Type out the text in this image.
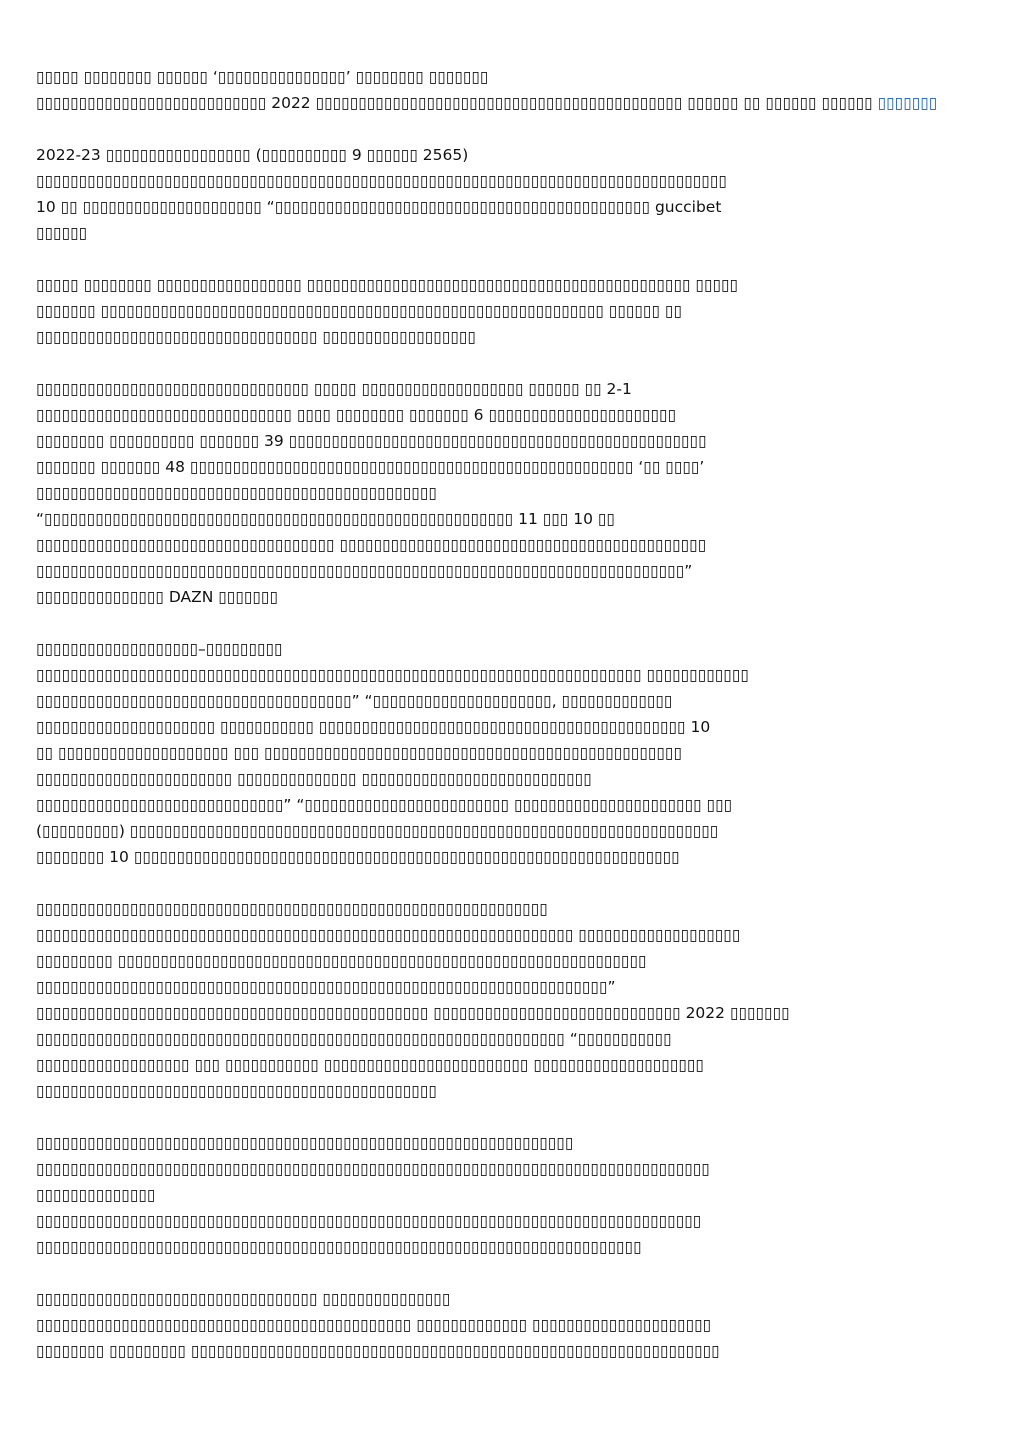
▯▯▯▯▯ ▯▯▯▯▯▯▯▯ ▯▯▯▯▯▯ ‘▯▯▯▯▯▯▯▯▯▯▯▯▯▯▯’ ▯▯▯▯▯▯▯▯ ▯▯▯▯▯▯▯
▯▯▯▯▯▯▯▯▯▯▯▯▯▯▯▯▯▯▯▯▯▯▯▯▯▯▯ 2022 ▯▯▯▯▯▯▯▯▯▯▯▯▯▯▯▯▯▯▯▯▯▯▯▯▯▯▯▯▯▯▯▯▯▯▯▯▯▯▯▯▯▯▯ ▯▯▯▯▯▯ ▯▯ ▯▯▯▯▯▯ ▯▯▯▯▯▯ ▯▯▯▯▯▯▯
2022-23 ▯▯▯▯▯▯▯▯▯▯▯▯▯▯▯▯▯ (▯▯▯▯▯▯▯▯▯▯ 9 ▯▯▯▯▯▯ 2565)
▯▯▯▯▯▯▯▯▯▯▯▯▯▯▯▯▯▯▯▯▯▯▯▯▯▯▯▯▯▯▯▯▯▯▯▯▯▯▯▯▯▯▯▯▯▯▯▯▯▯▯▯▯▯▯▯▯▯▯▯▯▯▯▯▯▯▯▯▯▯▯▯▯▯▯▯▯▯▯▯▯
10 ▯▯ ▯▯▯▯▯▯▯▯▯▯▯▯▯▯▯▯▯▯▯▯▯ “▯▯▯▯▯▯▯▯▯▯▯▯▯▯▯▯▯▯▯▯▯▯▯▯▯▯▯▯▯▯▯▯▯▯▯▯▯▯▯▯▯▯▯▯ guccibet
▯▯▯▯▯▯
▯▯▯▯▯ ▯▯▯▯▯▯▯▯ ▯▯▯▯▯▯▯▯▯▯▯▯▯▯▯▯▯ ▯▯▯▯▯▯▯▯▯▯▯▯▯▯▯▯▯▯▯▯▯▯▯▯▯▯▯▯▯▯▯▯▯▯▯▯▯▯▯▯▯▯▯▯▯ ▯▯▯▯▯
▯▯▯▯▯▯▯ ▯▯▯▯▯▯▯▯▯▯▯▯▯▯▯▯▯▯▯▯▯▯▯▯▯▯▯▯▯▯▯▯▯▯▯▯▯▯▯▯▯▯▯▯▯▯▯▯▯▯▯▯▯▯▯▯▯▯▯ ▯▯▯▯▯▯ ▯▯
▯▯▯▯▯▯▯▯▯▯▯▯▯▯▯▯▯▯▯▯▯▯▯▯▯▯▯▯▯▯▯▯▯ ▯▯▯▯▯▯▯▯▯▯▯▯▯▯▯▯▯▯
▯▯▯▯▯▯▯▯▯▯▯▯▯▯▯▯▯▯▯▯▯▯▯▯▯▯▯▯▯▯▯▯ ▯▯▯▯▯ ▯▯▯▯▯▯▯▯▯▯▯▯▯▯▯▯▯▯▯ ▯▯▯▯▯▯ ▯▯ 2-1
▯▯▯▯▯▯▯▯▯▯▯▯▯▯▯▯▯▯▯▯▯▯▯▯▯▯▯▯▯▯ ▯▯▯▯ ▯▯▯▯▯▯▯▯ ▯▯▯▯▯▯▯ 6 ▯▯▯▯▯▯▯▯▯▯▯▯▯▯▯▯▯▯▯▯▯▯
▯▯▯▯▯▯▯▯ ▯▯▯▯▯▯▯▯▯▯ ▯▯▯▯▯▯▯ 39 ▯▯▯▯▯▯▯▯▯▯▯▯▯▯▯▯▯▯▯▯▯▯▯▯▯▯▯▯▯▯▯▯▯▯▯▯▯▯▯▯▯▯▯▯▯▯▯▯▯
▯▯▯▯▯▯▯ ▯▯▯▯▯▯▯ 48 ▯▯▯▯▯▯▯▯▯▯▯▯▯▯▯▯▯▯▯▯▯▯▯▯▯▯▯▯▯▯▯▯▯▯▯▯▯▯▯▯▯▯▯▯▯▯▯▯▯▯▯▯ ‘▯▯ ▯▯▯▯’
▯▯▯▯▯▯▯▯▯▯▯▯▯▯▯▯▯▯▯▯▯▯▯▯▯▯▯▯▯▯▯▯▯▯▯▯▯▯▯▯▯▯▯▯▯▯▯
“▯▯▯▯▯▯▯▯▯▯▯▯▯▯▯▯▯▯▯▯▯▯▯▯▯▯▯▯▯▯▯▯▯▯▯▯▯▯▯▯▯▯▯▯▯▯▯▯▯▯▯▯▯▯▯ 11 ▯▯▯ 10 ▯▯
▯▯▯▯▯▯▯▯▯▯▯▯▯▯▯▯▯▯▯▯▯▯▯▯▯▯▯▯▯▯▯▯▯▯▯ ▯▯▯▯▯▯▯▯▯▯▯▯▯▯▯▯▯▯▯▯▯▯▯▯▯▯▯▯▯▯▯▯▯▯▯▯▯▯▯▯▯▯▯
▯▯▯▯▯▯▯▯▯▯▯▯▯▯▯▯▯▯▯▯▯▯▯▯▯▯▯▯▯▯▯▯▯▯▯▯▯▯▯▯▯▯▯▯▯▯▯▯▯▯▯▯▯▯▯▯▯▯▯▯▯▯▯▯▯▯▯▯▯▯▯▯▯▯▯▯”
▯▯▯▯▯▯▯▯▯▯▯▯▯▯▯ DAZN ▯▯▯▯▯▯▯
▯▯▯▯▯▯▯▯▯▯▯▯▯▯▯▯▯▯▯–▯▯▯▯▯▯▯▯▯
▯▯▯▯▯▯▯▯▯▯▯▯▯▯▯▯▯▯▯▯▯▯▯▯▯▯▯▯▯▯▯▯▯▯▯▯▯▯▯▯▯▯▯▯▯▯▯▯▯▯▯▯▯▯▯▯▯▯▯▯▯▯▯▯▯▯▯▯▯▯▯ ▯▯▯▯▯▯▯▯▯▯▯▯
▯▯▯▯▯▯▯▯▯▯▯▯▯▯▯▯▯▯▯▯▯▯▯▯▯▯▯▯▯▯▯▯▯▯▯▯▯” “▯▯▯▯▯▯▯▯▯▯▯▯▯▯▯▯▯▯▯▯▯, ▯▯▯▯▯▯▯▯▯▯▯▯▯
▯▯▯▯▯▯▯▯▯▯▯▯▯▯▯▯▯▯▯▯▯ ▯▯▯▯▯▯▯▯▯▯▯ ▯▯▯▯▯▯▯▯▯▯▯▯▯▯▯▯▯▯▯▯▯▯▯▯▯▯▯▯▯▯▯▯▯▯▯▯▯▯▯▯▯▯▯ 10
▯▯ ▯▯▯▯▯▯▯▯▯▯▯▯▯▯▯▯▯▯▯▯ ▯▯▯ ▯▯▯▯▯▯▯▯▯▯▯▯▯▯▯▯▯▯▯▯▯▯▯▯▯▯▯▯▯▯▯▯▯▯▯▯▯▯▯▯▯▯▯▯▯▯▯▯▯
▯▯▯▯▯▯▯▯▯▯▯▯▯▯▯▯▯▯▯▯▯▯▯ ▯▯▯▯▯▯▯▯▯▯▯▯▯▯ ▯▯▯▯▯▯▯▯▯▯▯▯▯▯▯▯▯▯▯▯▯▯▯▯▯▯▯
▯▯▯▯▯▯▯▯▯▯▯▯▯▯▯▯▯▯▯▯▯▯▯▯▯▯▯▯▯” “▯▯▯▯▯▯▯▯▯▯▯▯▯▯▯▯▯▯▯▯▯▯▯▯ ▯▯▯▯▯▯▯▯▯▯▯▯▯▯▯▯▯▯▯▯▯▯ ▯▯▯
(▯▯▯▯▯▯▯▯▯) ▯▯▯▯▯▯▯▯▯▯▯▯▯▯▯▯▯▯▯▯▯▯▯▯▯▯▯▯▯▯▯▯▯▯▯▯▯▯▯▯▯▯▯▯▯▯▯▯▯▯▯▯▯▯▯▯▯▯▯▯▯▯▯▯▯▯▯▯▯
▯▯▯▯▯▯▯▯ 10 ▯▯▯▯▯▯▯▯▯▯▯▯▯▯▯▯▯▯▯▯▯▯▯▯▯▯▯▯▯▯▯▯▯▯▯▯▯▯▯▯▯▯▯▯▯▯▯▯▯▯▯▯▯▯▯▯▯▯▯▯▯▯▯▯
▯▯▯▯▯▯▯▯▯▯▯▯▯▯▯▯▯▯▯▯▯▯▯▯▯▯▯▯▯▯▯▯▯▯▯▯▯▯▯▯▯▯▯▯▯▯▯▯▯▯▯▯▯▯▯▯▯▯▯▯
▯▯▯▯▯▯▯▯▯▯▯▯▯▯▯▯▯▯▯▯▯▯▯▯▯▯▯▯▯▯▯▯▯▯▯▯▯▯▯▯▯▯▯▯▯▯▯▯▯▯▯▯▯▯▯▯▯▯▯▯▯▯▯ ▯▯▯▯▯▯▯▯▯▯▯▯▯▯▯▯▯▯▯
▯▯▯▯▯▯▯▯▯ ▯▯▯▯▯▯▯▯▯▯▯▯▯▯▯▯▯▯▯▯▯▯▯▯▯▯▯▯▯▯▯▯▯▯▯▯▯▯▯▯▯▯▯▯▯▯▯▯▯▯▯▯▯▯▯▯▯▯▯▯▯▯
▯▯▯▯▯▯▯▯▯▯▯▯▯▯▯▯▯▯▯▯▯▯▯▯▯▯▯▯▯▯▯▯▯▯▯▯▯▯▯▯▯▯▯▯▯▯▯▯▯▯▯▯▯▯▯▯▯▯▯▯▯▯▯▯▯▯▯”
▯▯▯▯▯▯▯▯▯▯▯▯▯▯▯▯▯▯▯▯▯▯▯▯▯▯▯▯▯▯▯▯▯▯▯▯▯▯▯▯▯▯▯▯▯▯ ▯▯▯▯▯▯▯▯▯▯▯▯▯▯▯▯▯▯▯▯▯▯▯▯▯▯▯▯▯ 2022 ▯▯▯▯▯▯▯
▯▯▯▯▯▯▯▯▯▯▯▯▯▯▯▯▯▯▯▯▯▯▯▯▯▯▯▯▯▯▯▯▯▯▯▯▯▯▯▯▯▯▯▯▯▯▯▯▯▯▯▯▯▯▯▯▯▯▯▯▯▯ “▯▯▯▯▯▯▯▯▯▯▯
▯▯▯▯▯▯▯▯▯▯▯▯▯▯▯▯▯▯ ▯▯▯ ▯▯▯▯▯▯▯▯▯▯▯ ▯▯▯▯▯▯▯▯▯▯▯▯▯▯▯▯▯▯▯▯▯▯▯▯ ▯▯▯▯▯▯▯▯▯▯▯▯▯▯▯▯▯▯▯▯
▯▯▯▯▯▯▯▯▯▯▯▯▯▯▯▯▯▯▯▯▯▯▯▯▯▯▯▯▯▯▯▯▯▯▯▯▯▯▯▯▯▯▯▯▯▯▯
▯▯▯▯▯▯▯▯▯▯▯▯▯▯▯▯▯▯▯▯▯▯▯▯▯▯▯▯▯▯▯▯▯▯▯▯▯▯▯▯▯▯▯▯▯▯▯▯▯▯▯▯▯▯▯▯▯▯▯▯▯▯▯
▯▯▯▯▯▯▯▯▯▯▯▯▯▯▯▯▯▯▯▯▯▯▯▯▯▯▯▯▯▯▯▯▯▯▯▯▯▯▯▯▯▯▯▯▯▯▯▯▯▯▯▯▯▯▯▯▯▯▯▯▯▯▯▯▯▯▯▯▯▯▯▯▯▯▯▯▯▯▯
▯▯▯▯▯▯▯▯▯▯▯▯▯▯
▯▯▯▯▯▯▯▯▯▯▯▯▯▯▯▯▯▯▯▯▯▯▯▯▯▯▯▯▯▯▯▯▯▯▯▯▯▯▯▯▯▯▯▯▯▯▯▯▯▯▯▯▯▯▯▯▯▯▯▯▯▯▯▯▯▯▯▯▯▯▯▯▯▯▯▯▯▯
▯▯▯▯▯▯▯▯▯▯▯▯▯▯▯▯▯▯▯▯▯▯▯▯▯▯▯▯▯▯▯▯▯▯▯▯▯▯▯▯▯▯▯▯▯▯▯▯▯▯▯▯▯▯▯▯▯▯▯▯▯▯▯▯▯▯▯▯▯▯▯
▯▯▯▯▯▯▯▯▯▯▯▯▯▯▯▯▯▯▯▯▯▯▯▯▯▯▯▯▯▯▯▯▯ ▯▯▯▯▯▯▯▯▯▯▯▯▯▯▯
▯▯▯▯▯▯▯▯▯▯▯▯▯▯▯▯▯▯▯▯▯▯▯▯▯▯▯▯▯▯▯▯▯▯▯▯▯▯▯▯▯▯▯▯ ▯▯▯▯▯▯▯▯▯▯▯▯▯ ▯▯▯▯▯▯▯▯▯▯▯▯▯▯▯▯▯▯▯▯▯
▯▯▯▯▯▯▯▯ ▯▯▯▯▯▯▯▯▯ ▯▯▯▯▯▯▯▯▯▯▯▯▯▯▯▯▯▯▯▯▯▯▯▯▯▯▯▯▯▯▯▯▯▯▯▯▯▯▯▯▯▯▯▯▯▯▯▯▯▯▯▯▯▯▯▯▯▯▯▯▯▯
